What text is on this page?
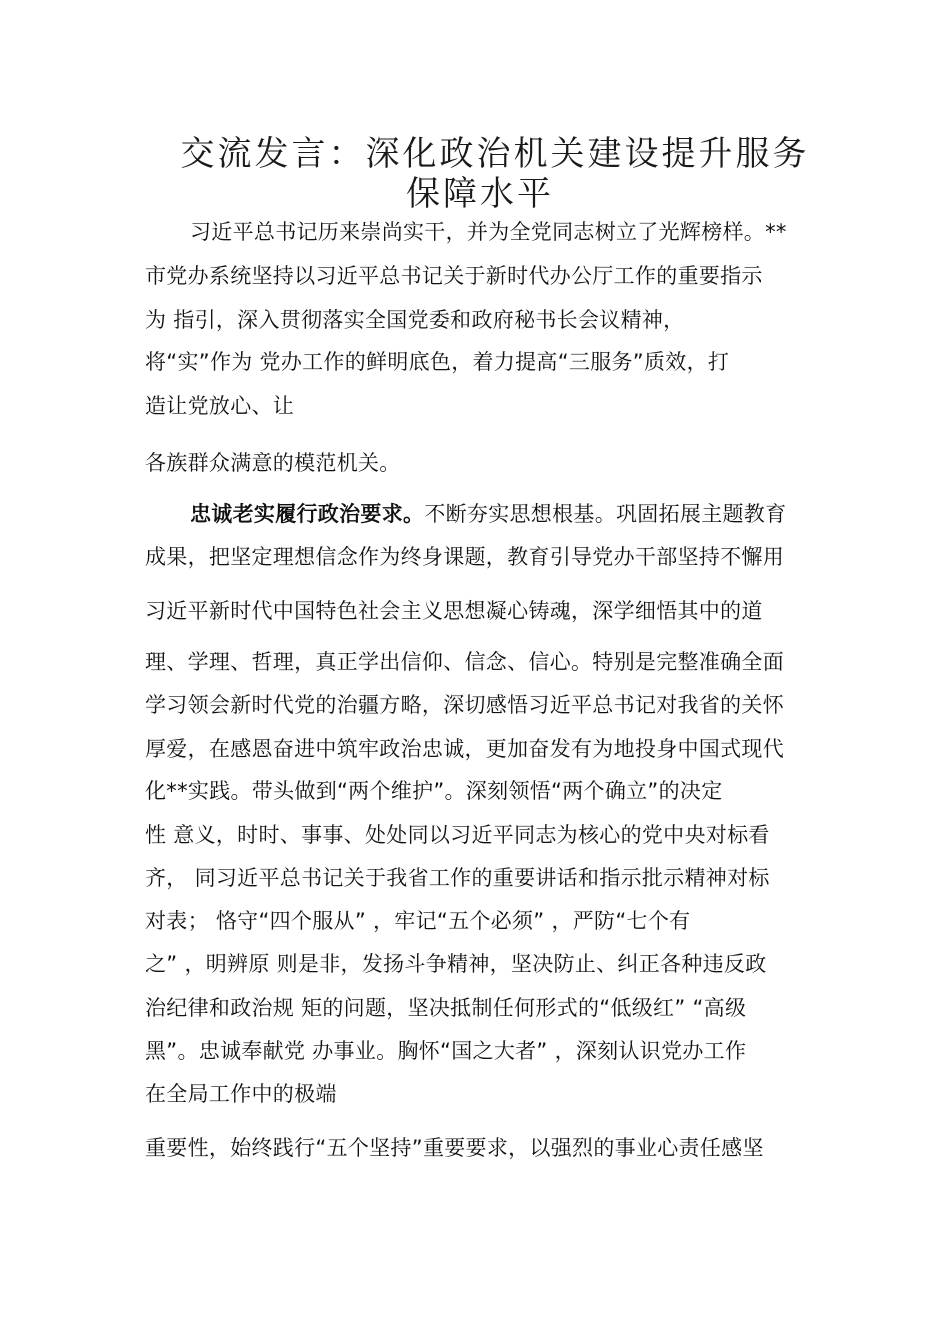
交流发言：深化政治机关建设提升服务
保障水平
习近平总书记历来崇尚实干，并为全党同志树立了光辉榜样。**
市党办系统坚持以习近平总书记关于新时代办公厅工作的重要指示
为 指引，深入贯彻落实全国党委和政府秘书长会议精神，
将“实”作为 党办工作的鲜明底色，着力提高“三服务”质效，打
造让党放心、让
各族群众满意的模范机关。
忠诚老实履行政治要求。不断夯实思想根基。巩固拓展主题教育
成果，把坚定理想信念作为终身课题，教育引导党办干部坚持不懈用
习近平新时代中国特色社会主义思想凝心铸魂，深学细悟其中的道
理、学理、哲理，真正学出信仰、信念、信心。特别是完整准确全面
学习领会新时代党的治疆方略，深切感悟习近平总书记对我省的关怀
厚爱，在感恩奋进中筑牢政治忠诚，更加奋发有为地投身中国式现代
化**实践。带头做到“两个维护”。深刻领悟“两个确立”的决定
性 意义，时时、事事、处处同以习近平同志为核心的党中央对标看
齐， 同习近平总书记关于我省工作的重要讲话和指示批示精神对标
对表； 恪守“四个服从” ，牢记“五个必须” ，严防“七个有
之” ，明辨原 则是非，发扬斗争精神，坚决防止、纠正各种违反政
治纪律和政治规 矩的问题，坚决抵制任何形式的“低级红” “高级
黑”。忠诚奉献党 办事业。胸怀“国之大者” ，深刻认识党办工作
在全局工作中的极端
重要性，始终践行“五个坚持”重要要求，以强烈的事业心责任感坚
